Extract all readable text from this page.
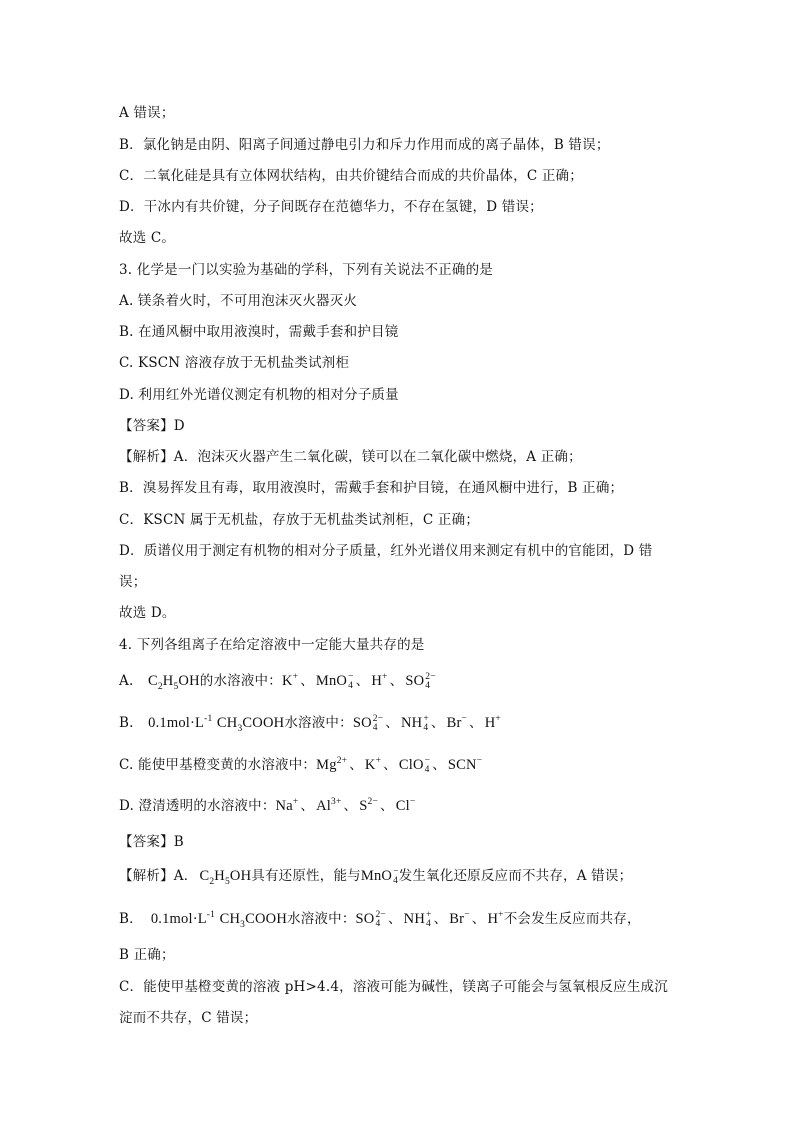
A 错误；
B．氯化钠是由阴、阳离子间通过静电引力和斥力作用而成的离子晶体，B 错误；
C．二氧化硅是具有立体网状结构，由共价键结合而成的共价晶体，C 正确；
D．干冰内有共价键，分子间既存在范德华力，不存在氢键，D 错误；
故选 C。
3. 化学是一门以实验为基础的学科，下列有关说法不正确的是
A. 镁条着火时，不可用泡沫灭火器灭火
B. 在通风橱中取用液溴时，需戴手套和护目镜
C. KSCN 溶液存放于无机盐类试剂柜
D. 利用红外光谱仪测定有机物的相对分子质量
【答案】D
【解析】A．泡沫灭火器产生二氧化碳，镁可以在二氧化碳中燃烧，A 正确；
B．溴易挥发且有毒，取用液溴时，需戴手套和护目镜，在通风橱中进行，B 正确；
C．KSCN 属于无机盐，存放于无机盐类试剂柜，C 正确；
D．质谱仪用于测定有机物的相对分子质量，红外光谱仪用来测定有机中的官能团，D 错
误；
故选 D。
4. 下列各组离子在给定溶液中一定能大量共存的是
A. $C_2H_5OH$的水溶液中：K+ 、 MnO −
4 、 H+ 、 SO 2−
4
B. $0.1mol\cdot L^{-1}$ $CH_3COOH$水溶液中：SO 2−
4 、 NH +
4 、 Br− 、 H+
C. 能使甲基橙变黄的水溶液中：$Mg^{2+}$ 、 K+ 、 ClO −
4 、 SCN−
D. 澄清透明的水溶液中：Na+ 、 $Al^{3+}$ 、 $S^{2-}$ 、 Cl−
【答案】B
【解析】A． $C_2H_5OH$具有还原性，能与MnO −
4 发生氧化还原反应而不共存，A 错误；
B． $0.1mol\cdot L^{-1}$ $CH_3COOH$水溶液中：SO 2−
4 、 NH +
4 、 Br− 、 H+不会发生反应而共存，
B 正确；
C．能使甲基橙变黄的溶液 pH>4.4，溶液可能为碱性，镁离子可能会与氢氧根反应生成沉
淀而不共存，C 错误；
